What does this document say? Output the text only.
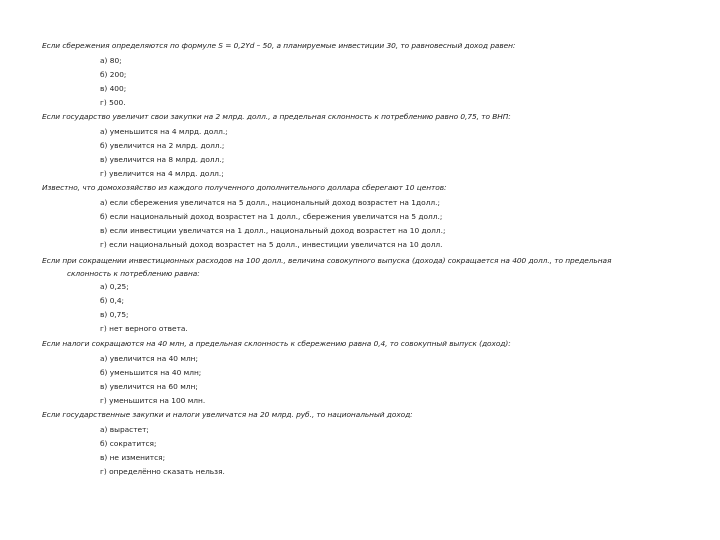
Если сбережения определяются по формуле S = 0,2Yd – 50, а планируемые инвестиции 30, то равновесный доход равен:
а) 80;
б) 200;
в) 400;
г) 500.
Если государство увеличит свои закупки на 2 млрд. долл., а предельная склонность к потреблению равно 0,75, то ВНП:
а) уменьшится на 4 млрд. долл.;
б) увеличится на 2 млрд. долл.;
в) увеличится на 8 млрд. долл.;
г) увеличится на 4 млрд. долл.;
Известно, что домохозяйство из каждого полученного дополнительного доллара сберегают 10 центов:
а) если сбережения увеличатся на 5 долл., национальный доход возрастет на 1долл.;
б) если национальный доход возрастет на 1 долл., сбережения увеличатся на 5 долл.;
в) если инвестиции увеличатся на 1 долл., национальный доход возрастет на 10 долл.;
г) если национальный доход возрастет на 5 долл., инвестиции увеличатся на 10 долл.
Если при сокращении инвестиционных расходов на 100 долл., величина совокупного выпуска (дохода) сокращается на 400 долл., то предельная
склонность к потреблению равна:
а) 0,25;
б) 0,4;
в) 0,75;
г) нет верного ответа.
Если налоги сокращаются на 40 млн, а предельная склонность к сбережению равна 0,4, то совокупный выпуск (доход):
а) увеличится на 40 млн;
б) уменьшится на 40 млн;
в) увеличится на 60 млн;
г) уменьшится на 100 млн.
Если государственные закупки и налоги увеличатся на 20 млрд. руб., то национальный доход:
а) вырастет;
б) сократится;
в) не изменится;
г) определённо сказать нельзя.
